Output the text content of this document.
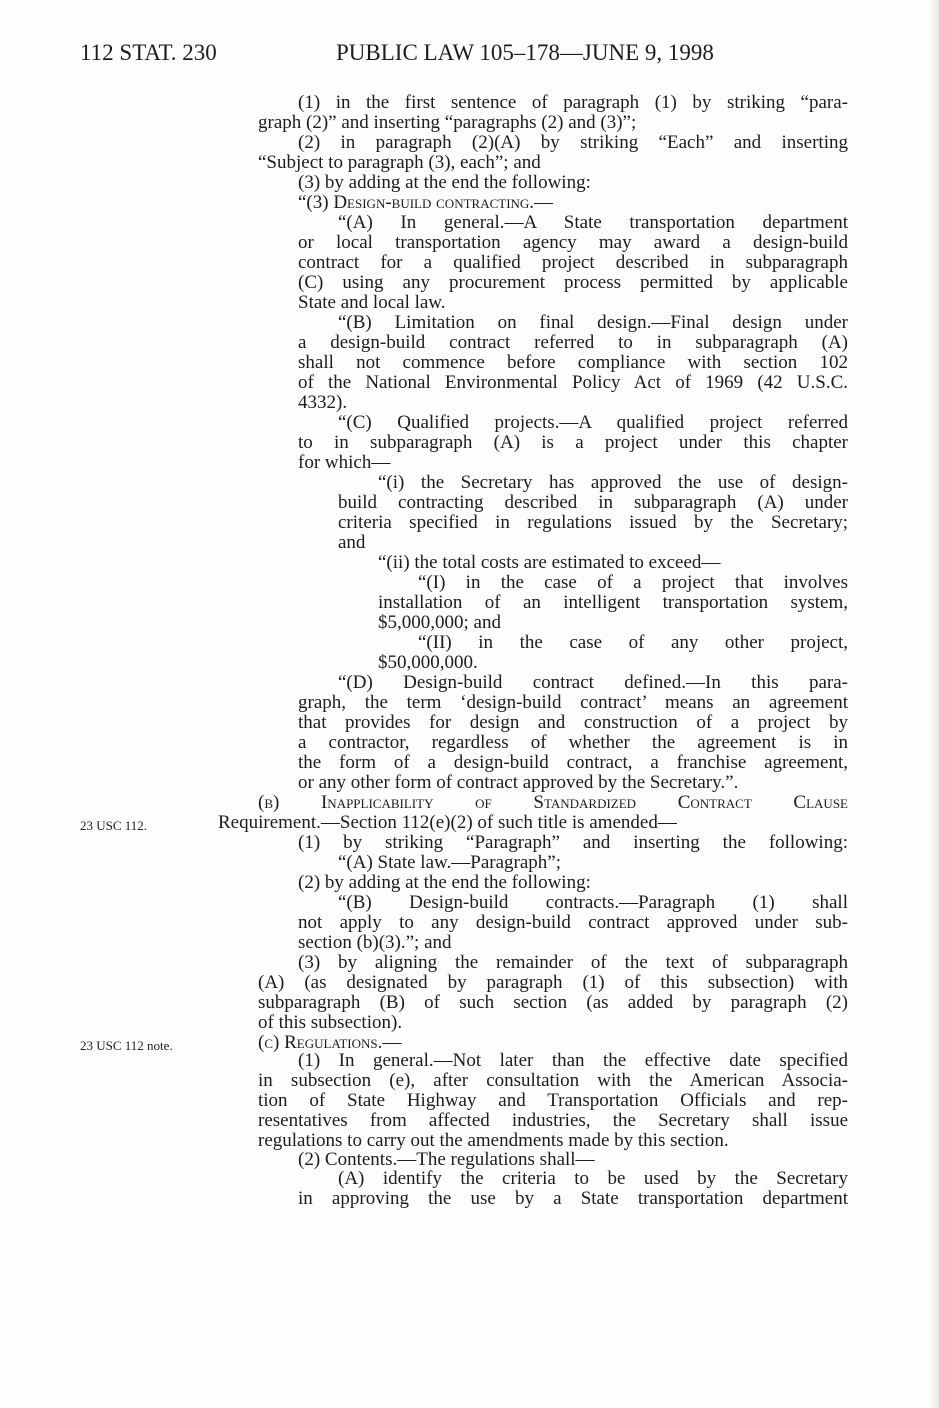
112 STAT. 230	PUBLIC LAW 105–178—JUNE 9, 1998
23 USC 112.
23 USC 112 note.
(1) in the first sentence of paragraph (1) by striking “para-
graph (2)” and inserting “paragraphs (2) and (3)”;
(2) in paragraph (2)(A) by striking “Each” and inserting
“Subject to paragraph (3), each”; and
(3) by adding at the end the following:
“(3) Design-build contracting.—
“(A) In general.—A State transportation department
or local transportation agency may award a design-build
contract for a qualified project described in subparagraph
(C) using any procurement process permitted by applicable
State and local law.
“(B) Limitation on final design.—Final design under
a design-build contract referred to in subparagraph (A)
shall not commence before compliance with section 102
of the National Environmental Policy Act of 1969 (42 U.S.C.
4332).
“(C) Qualified projects.—A qualified project referred
to in subparagraph (A) is a project under this chapter
for which—
“(i) the Secretary has approved the use of design-
build contracting described in subparagraph (A) under
criteria specified in regulations issued by the Secretary;
and
“(ii) the total costs are estimated to exceed—
“(I) in the case of a project that involves
installation of an intelligent transportation system,
$5,000,000; and
“(II) in the case of any other project,
$50,000,000.
“(D) Design-build contract defined.—In this para-
graph, the term ‘design-build contract’ means an agreement
that provides for design and construction of a project by
a contractor, regardless of whether the agreement is in
the form of a design-build contract, a franchise agreement,
or any other form of contract approved by the Secretary.”.
(b) Inapplicability of Standardized Contract Clause
Requirement.—Section 112(e)(2) of such title is amended—
(1) by striking “Paragraph” and inserting the following:
“(A) State law.—Paragraph”;
(2) by adding at the end the following:
“(B) Design-build contracts.—Paragraph (1) shall
not apply to any design-build contract approved under sub-
section (b)(3).”; and
(3) by aligning the remainder of the text of subparagraph
(A) (as designated by paragraph (1) of this subsection) with
subparagraph (B) of such section (as added by paragraph (2)
of this subsection).
(c) Regulations.—
(1) In general.—Not later than the effective date specified
in subsection (e), after consultation with the American Associa-
tion of State Highway and Transportation Officials and rep-
resentatives from affected industries, the Secretary shall issue
regulations to carry out the amendments made by this section.
(2) Contents.—The regulations shall—
(A) identify the criteria to be used by the Secretary
in approving the use by a State transportation department
